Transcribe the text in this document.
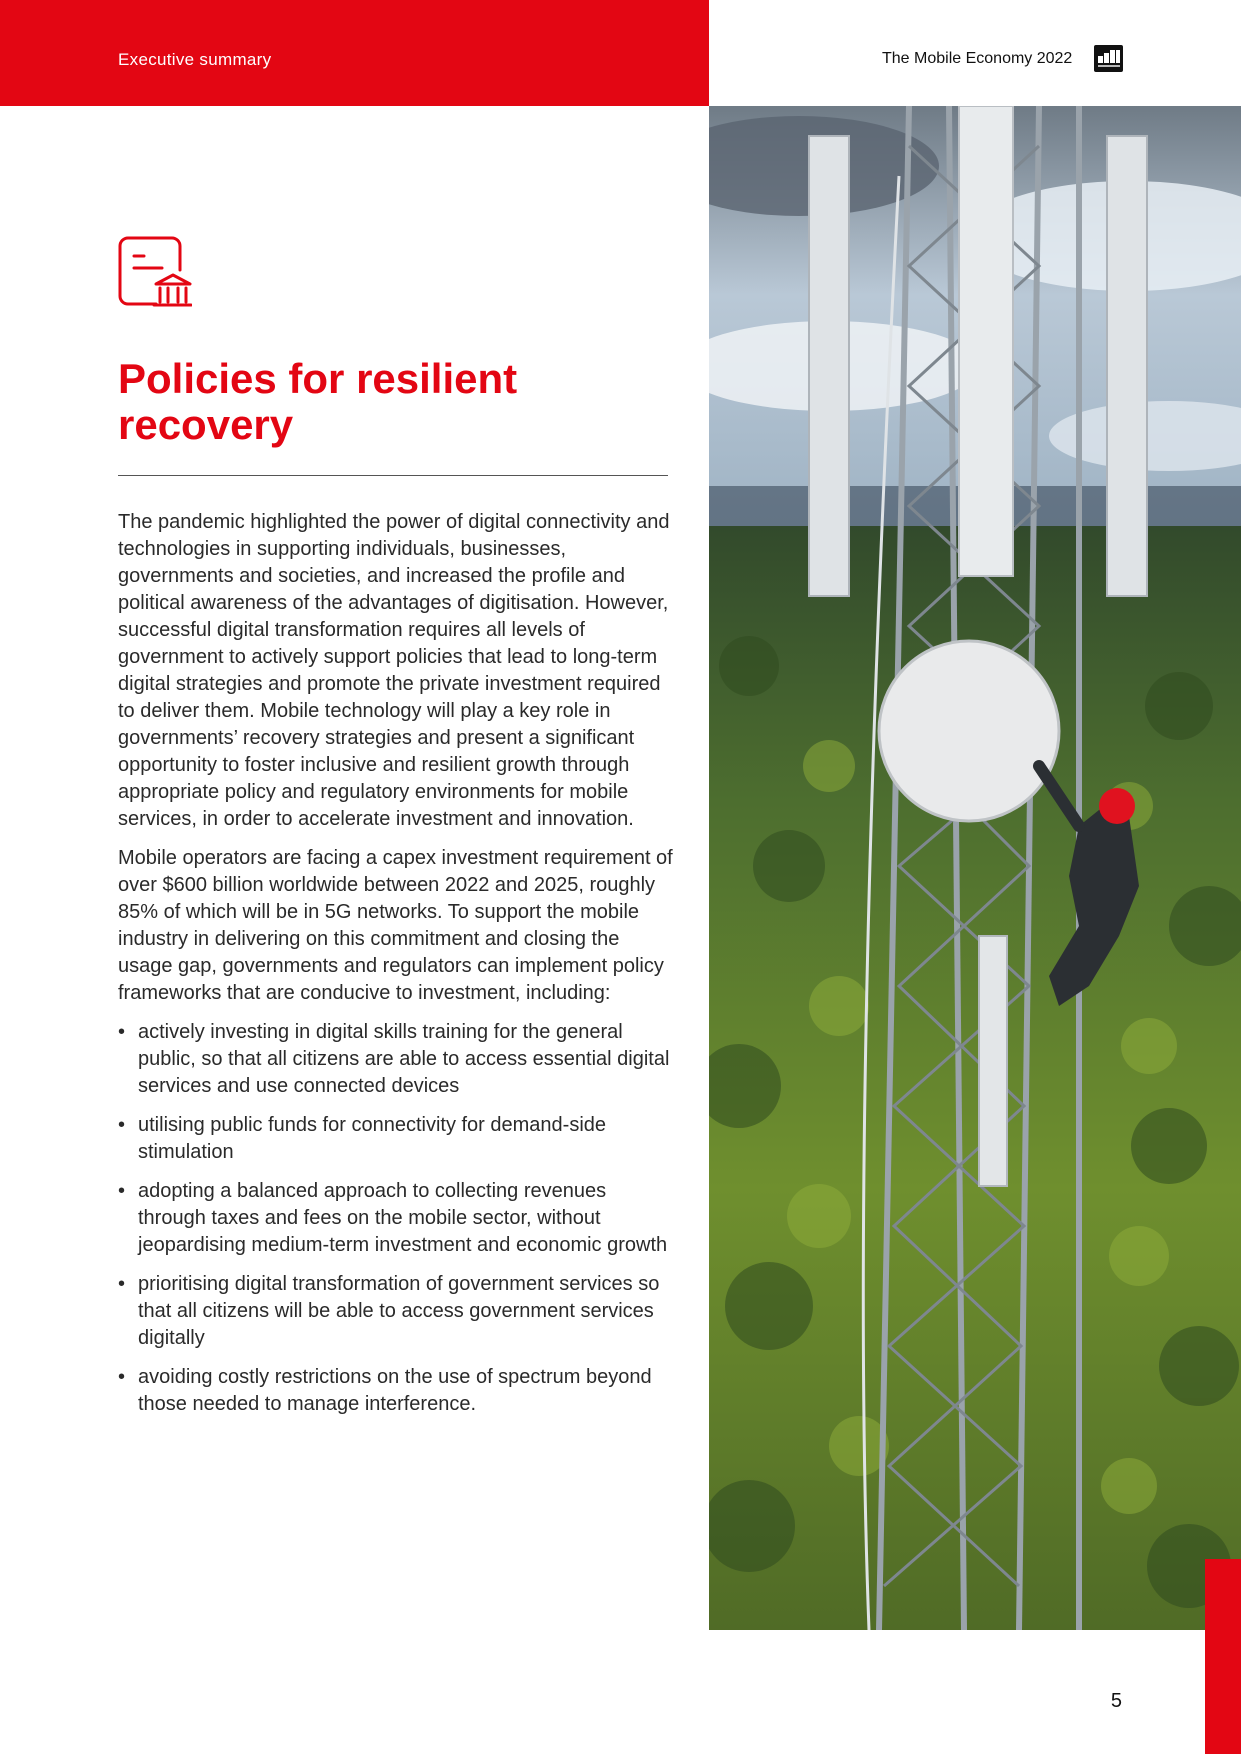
Executive summary	The Mobile Economy 2022
Policies for resilient recovery

The pandemic highlighted the power of digital connectivity and technologies in supporting individuals, businesses, governments and societies, and increased the profile and political awareness of the advantages of digitisation. However, successful digital transformation requires all levels of government to actively support policies that lead to long-term digital strategies and promote the private investment required to deliver them. Mobile technology will play a key role in governments’ recovery strategies and present a significant opportunity to foster inclusive and resilient growth through appropriate policy and regulatory environments for mobile services, in order to accelerate investment and innovation.

Mobile operators are facing a capex investment requirement of over $600 billion worldwide between 2022 and 2025, roughly 85% of which will be in 5G networks. To support the mobile industry in delivering on this commitment and closing the usage gap, governments and regulators can implement policy frameworks that are conducive to investment, including:

• actively investing in digital skills training for the general public, so that all citizens are able to access essential digital services and use connected devices
• utilising public funds for connectivity for demand-side stimulation
• adopting a balanced approach to collecting revenues through taxes and fees on the mobile sector, without jeopardising medium-term investment and economic growth
• prioritising digital transformation of government services so that all citizens will be able to access government services digitally
• avoiding costly restrictions on the use of spectrum beyond those needed to manage interference.
5
